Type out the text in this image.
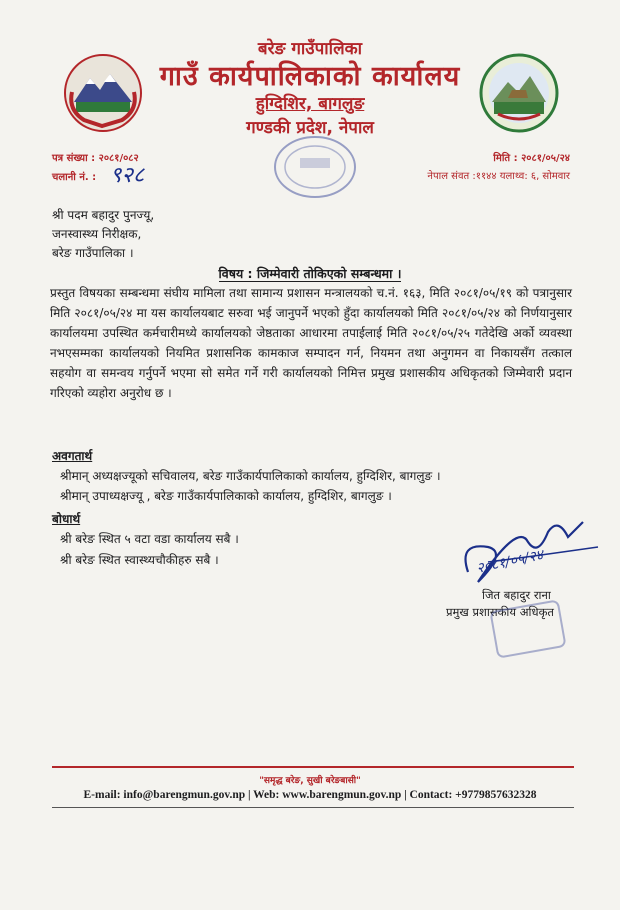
बरेङ गाउँपालिका
गाउँ कार्यपालिकाको कार्यालय
हुग्दिशिर, बागलुङ
गण्डकी प्रदेश, नेपाल
पत्र संख्या : २०८१/०८२
चलानी नं. : ९२८
मिति : २०८१/०५/२४
नेपाल संवत :११४४ यलाथ्व: ६, सोमवार
श्री पदम बहादुर पुनज्यू,
जनस्वास्थ्य निरीक्षक,
बरेङ गाउँपालिका ।
विषय : जिम्मेवारी तोकिएको सम्बन्धमा ।
प्रस्तुत विषयका सम्बन्धमा संघीय मामिला तथा सामान्य प्रशासन मन्त्रालयको च.नं. १६३, मिति २०८१/०५/१९ को पत्रानुसार मिति २०८१/०५/२४ मा यस कार्यालयबाट सरुवा भई जानुपर्ने भएको हुँदा कार्यालयको मिति २०८१/०५/२४ को निर्णयानुसार कार्यालयमा उपस्थित कर्मचारीमध्ये कार्यालयको जेष्ठताका आधारमा तपाईलाई मिति २०८१/०५/२५ गतेदेखि अर्को व्यवस्था नभएसम्मका कार्यालयको नियमित प्रशासनिक कामकाज सम्पादन गर्न, नियमन तथा अनुगमन वा निकायसँग तत्काल सहयोग वा समन्वय गर्नुपर्ने भएमा सो समेत गर्ने गरी कार्यालयको निमित्त प्रमुख प्रशासकीय अधिकृतको जिम्मेवारी प्रदान गरिएको व्यहोरा अनुरोध छ ।
अवगतार्थ
श्रीमान् अध्यक्षज्यूको सचिवालय, बरेङ गाउँकार्यपालिकाको कार्यालय, हुग्दिशिर, बागलुङ ।
श्रीमान् उपाध्यक्षज्यू , बरेङ गाउँकार्यपालिकाको कार्यालय, हुग्दिशिर, बागलुङ ।
बोधार्थ
श्री बरेङ स्थित ५ वटा वडा कार्यालय सबै ।
श्री बरेङ स्थित स्वास्थ्यचौकीहरु सबै ।	२०८१/०५/२४
जित बहादुर राना
प्रमुख प्रशासकीय अधिकृत
"समृद्ध बरेङ, सुखी बरेङबासी"
E-mail: info@barengmun.gov.np | Web: www.barengmun.gov.np | Contact: +9779857632328
